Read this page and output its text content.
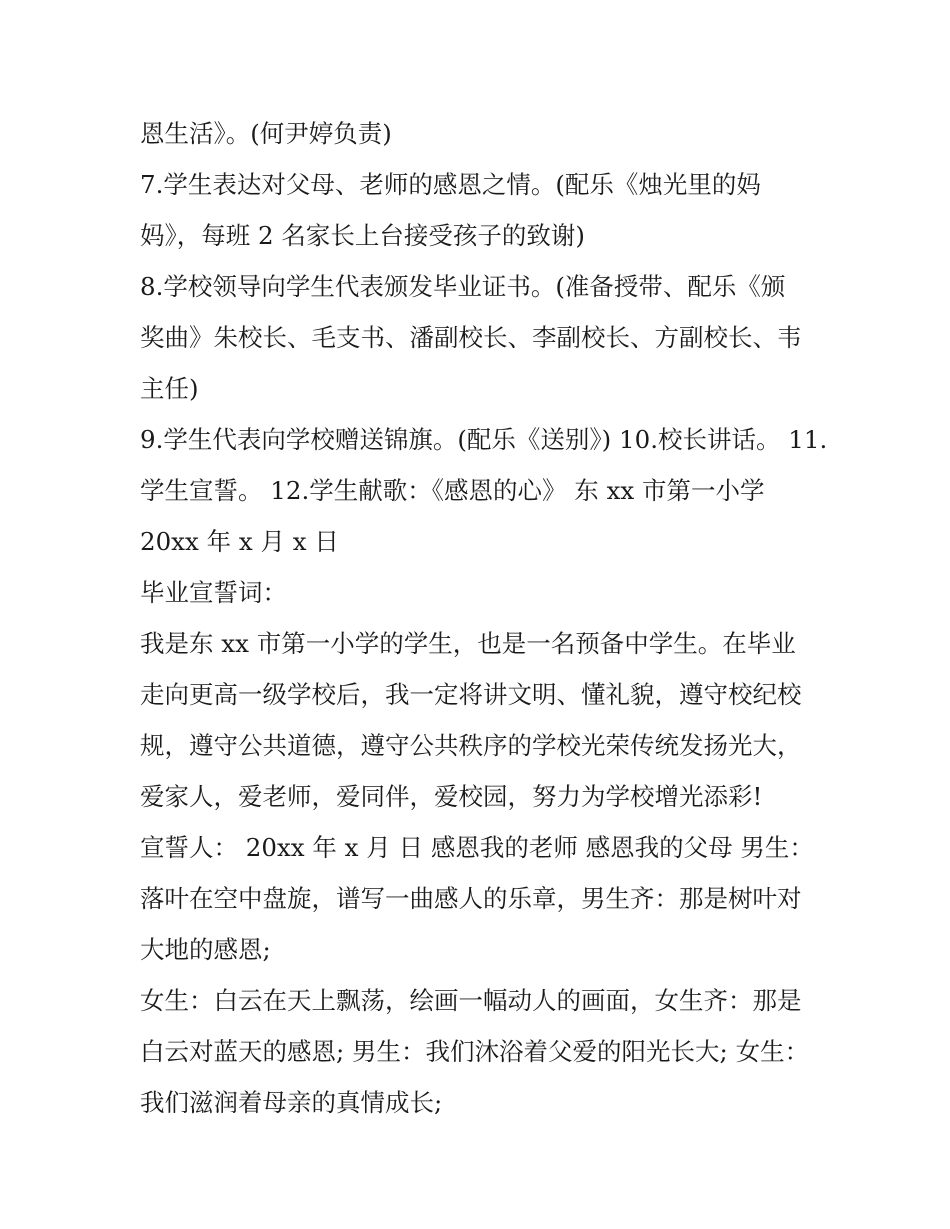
恩生活》。(何尹婷负责)
7.学生表达对父母、老师的感恩之情。(配乐《烛光里的妈
妈》，每班 2 名家长上台接受孩子的致谢)
8.学校领导向学生代表颁发毕业证书。(准备授带、配乐《颁
奖曲》朱校长、毛支书、潘副校长、李副校长、方副校长、韦
主任)
9.学生代表向学校赠送锦旗。(配乐《送别》) 10.校长讲话。 11.
学生宣誓。 12.学生献歌：《感恩的心》 东 xx 市第一小学
20xx 年 x 月 x 日
毕业宣誓词：
我是东 xx 市第一小学的学生，也是一名预备中学生。在毕业
走向更高一级学校后，我一定将讲文明、懂礼貌，遵守校纪校
规，遵守公共道德，遵守公共秩序的学校光荣传统发扬光大，
爱家人，爱老师，爱同伴，爱校园，努力为学校增光添彩!
宣誓人： 20xx 年 x 月 日 感恩我的老师 感恩我的父母 男生：
落叶在空中盘旋，谱写一曲感人的乐章，男生齐：那是树叶对
大地的感恩;
女生：白云在天上飘荡，绘画一幅动人的画面，女生齐：那是
白云对蓝天的感恩; 男生：我们沐浴着父爱的阳光长大; 女生：
我们滋润着母亲的真情成长;
